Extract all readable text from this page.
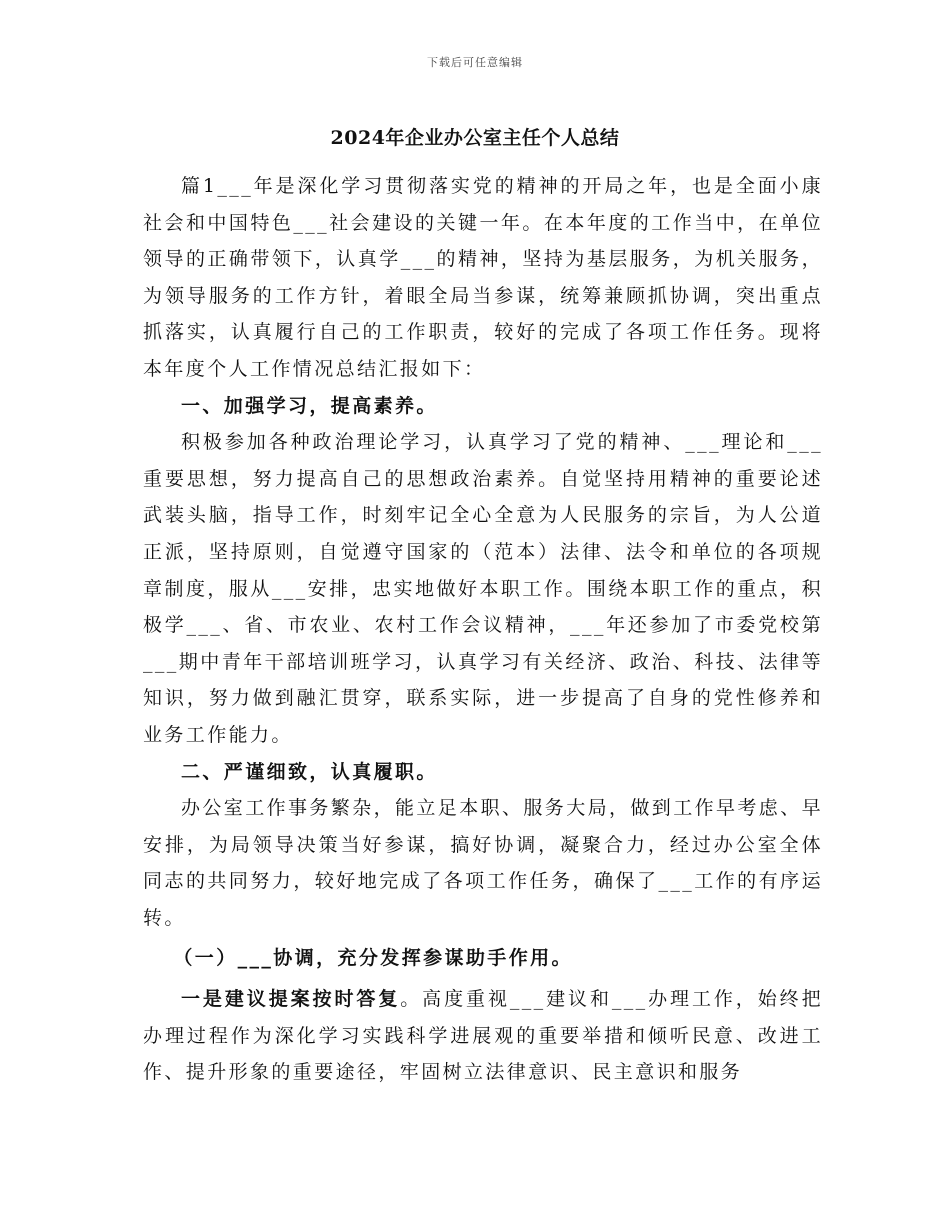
下载后可任意编辑
2024年企业办公室主任个人总结

篇1___年是深化学习贯彻落实党的精神的开局之年，也是全面小康社会和中国特色___社会建设的关键一年。在本年度的工作当中，在单位领导的正确带领下，认真学___的精神，坚持为基层服务，为机关服务，为领导服务的工作方针，着眼全局当参谋，统筹兼顾抓协调，突出重点抓落实，认真履行自己的工作职责，较好的完成了各项工作任务。现将本年度个人工作情况总结汇报如下：

一、加强学习，提高素养。

积极参加各种政治理论学习，认真学习了党的精神、___理论和___重要思想，努力提高自己的思想政治素养。自觉坚持用精神的重要论述武装头脑，指导工作，时刻牢记全心全意为人民服务的宗旨，为人公道正派，坚持原则，自觉遵守国家的（范本）法律、法令和单位的各项规章制度，服从___安排，忠实地做好本职工作。围绕本职工作的重点，积极学___、省、市农业、农村工作会议精神，___年还参加了市委党校第___期中青年干部培训班学习，认真学习有关经济、政治、科技、法律等知识，努力做到融汇贯穿，联系实际，进一步提高了自身的党性修养和业务工作能力。

二、严谨细致，认真履职。

办公室工作事务繁杂，能立足本职、服务大局，做到工作早考虑、早安排，为局领导决策当好参谋，搞好协调，凝聚合力，经过办公室全体同志的共同努力，较好地完成了各项工作任务，确保了___工作的有序运转。

（一）___协调，充分发挥参谋助手作用。

一是建议提案按时答复。高度重视___建议和___办理工作，始终把办理过程作为深化学习实践科学进展观的重要举措和倾听民意、改进工作、提升形象的重要途径，牢固树立法律意识、民主意识和服务
